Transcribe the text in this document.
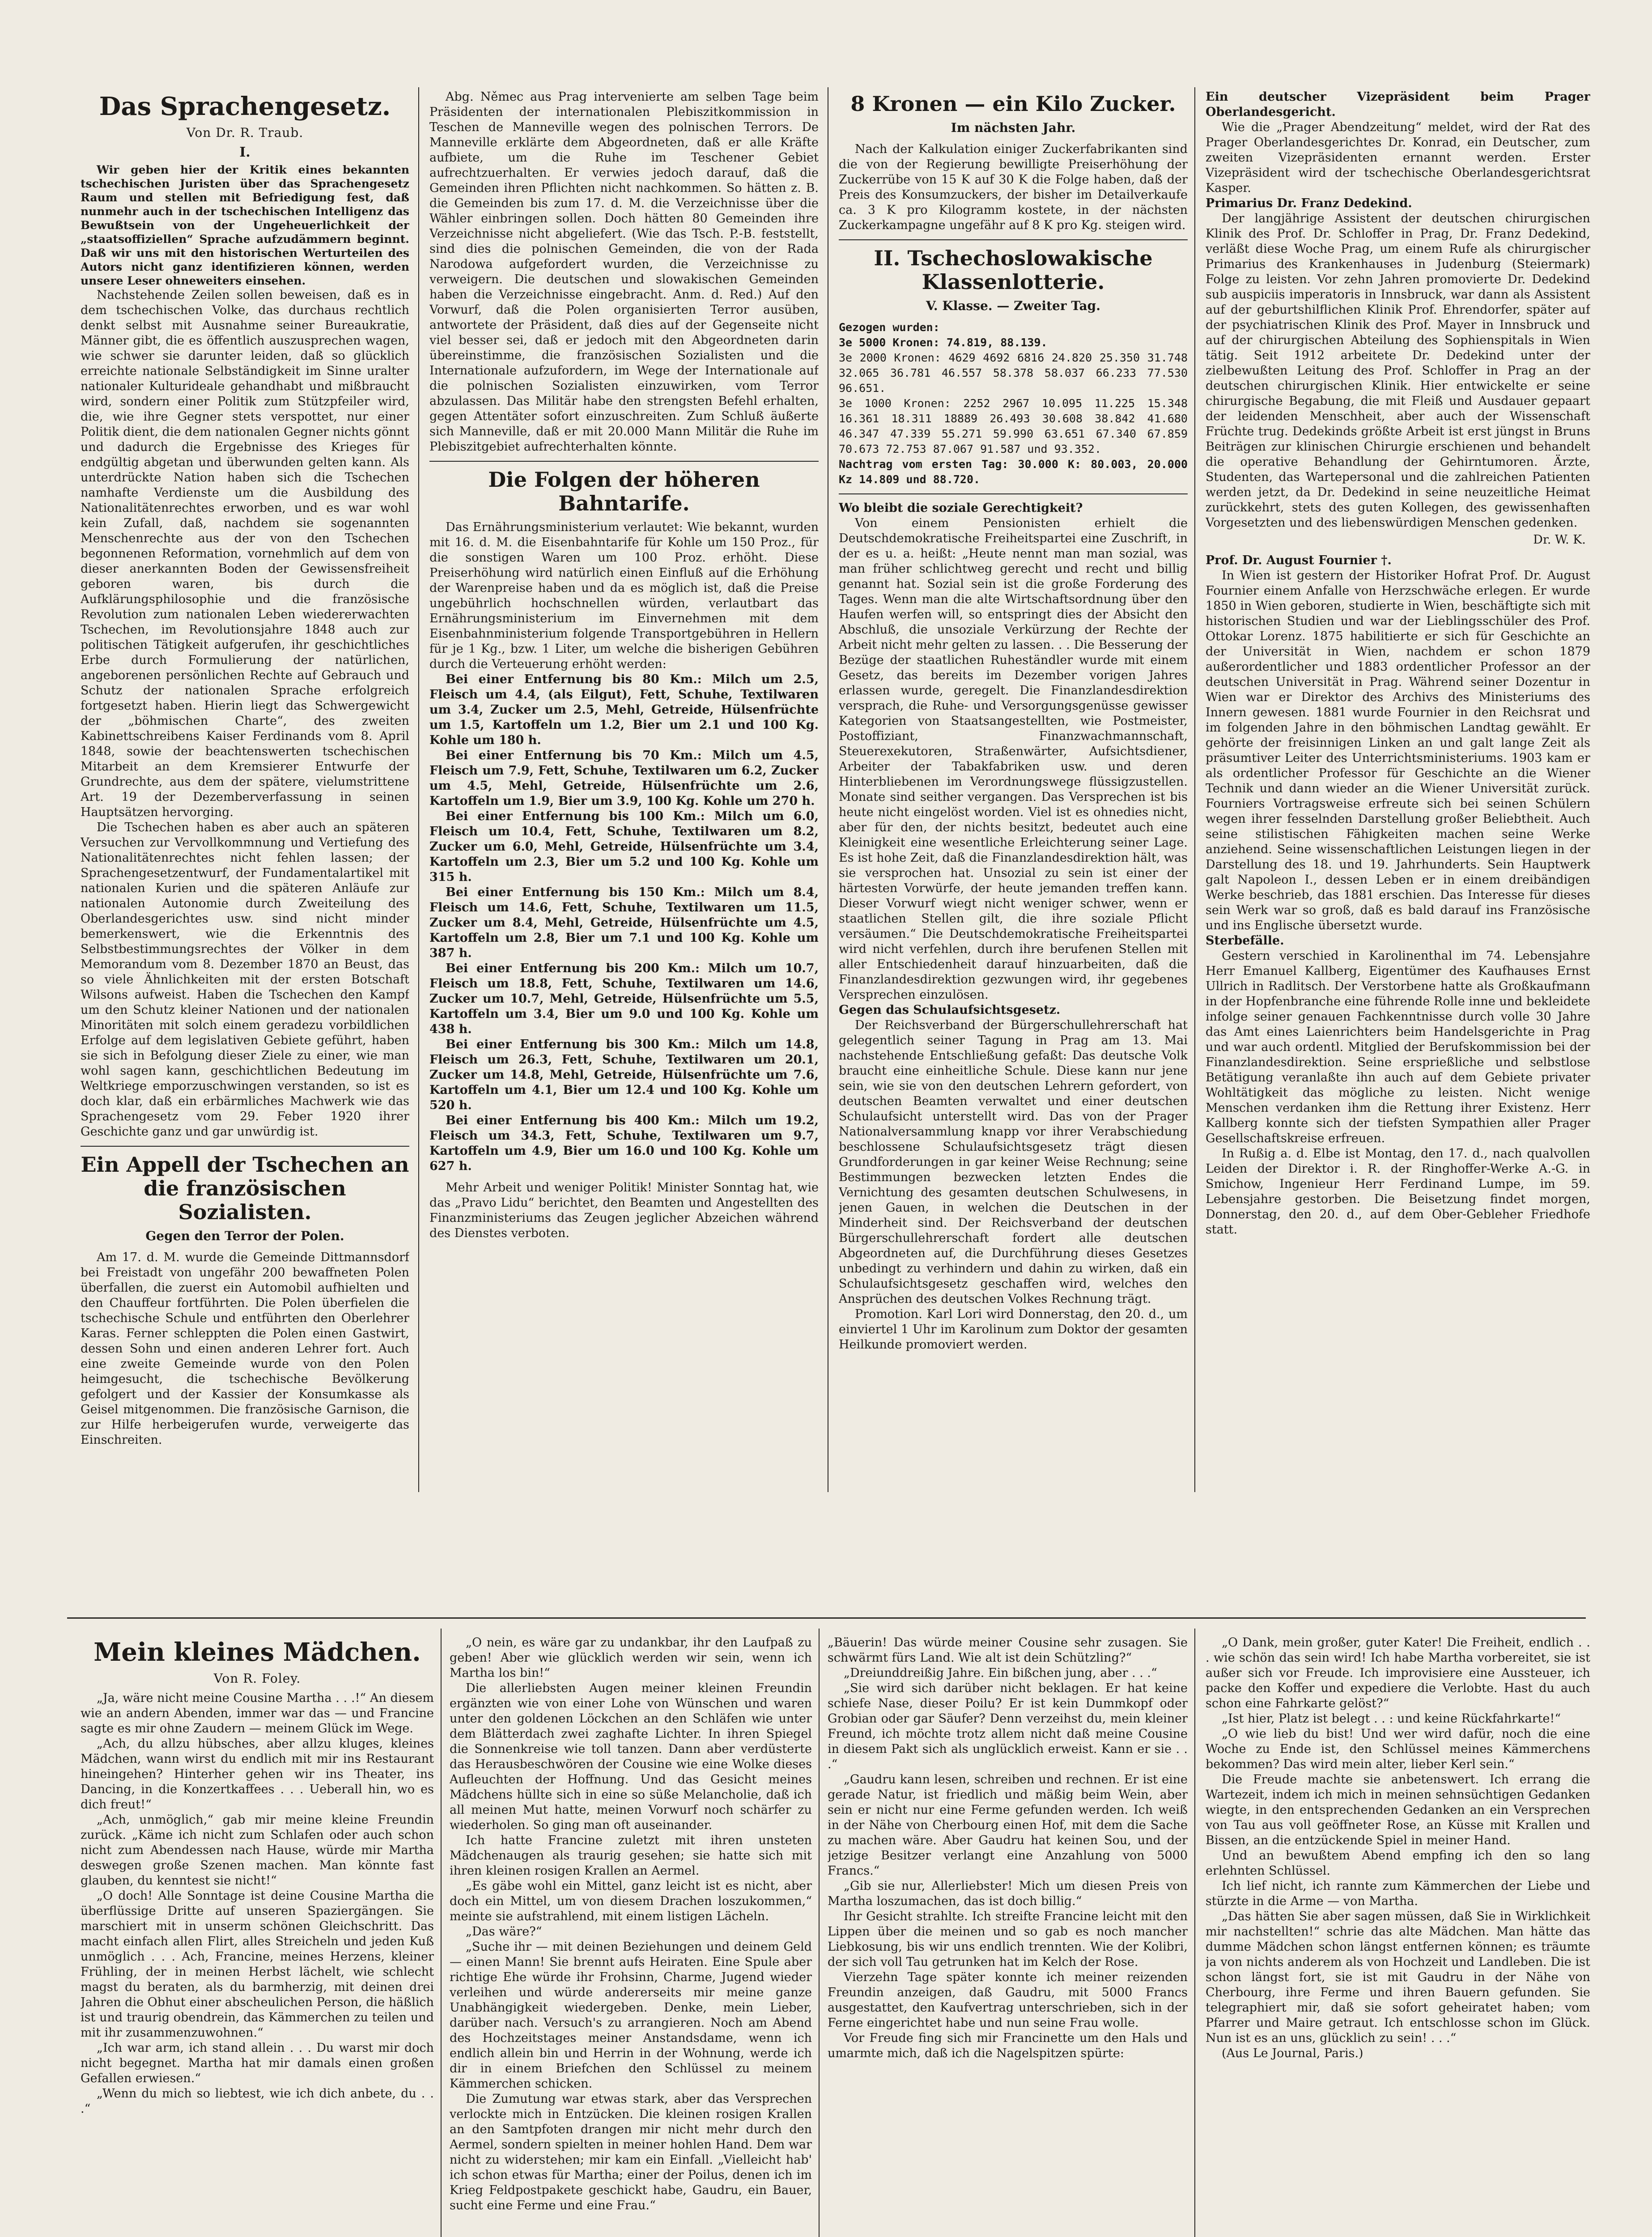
Das Sprachengesetz.
Von Dr. R. Traub.
I.

Wir geben hier der Kritik eines bekannten tschechischen Juristen über das Sprachengesetz Raum und stellen mit Befriedigung fest, daß nunmehr auch in der tschechischen Intelligenz das Bewußtsein von der Ungeheuerlichkeit der „staatsoffiziellen“ Sprache aufzudämmern beginnt. Daß wir uns mit den historischen Werturteilen des Autors nicht ganz identifizieren können, werden unsere Leser ohneweiters einsehen.

Nachstehende Zeilen sollen beweisen, daß es in dem tschechischen Volke, das durchaus rechtlich denkt selbst mit Ausnahme seiner Bureaukratie, Männer gibt, die es öffentlich auszusprechen wagen, wie schwer sie darunter leiden, daß so glücklich erreichte nationale Selbständigkeit im Sinne uralter nationaler Kulturideale gehandhabt und mißbraucht wird, sondern einer Politik zum Stützpfeiler wird, die, wie ihre Gegner stets verspottet, nur einer Politik dient, die dem nationalen Gegner nichts gönnt und dadurch die Ergebnisse des Krieges für endgültig abgetan und überwunden gelten kann. Als unterdrückte Nation haben sich die Tschechen namhafte Verdienste um die Ausbildung des Nationalitätenrechtes erworben, und es war wohl kein Zufall, daß, nachdem sie sogenannten Menschenrechte aus der von den Tschechen begonnenen Reformation, vornehmlich auf dem von dieser anerkannten Boden der Gewissensfreiheit geboren waren, bis durch die Aufklärungsphilosophie und die französische Revolution zum nationalen Leben wiedererwachten Tschechen, im Revolutionsjahre 1848 auch zur politischen Tätigkeit aufgerufen, ihr geschichtliches Erbe durch Formulierung der natürlichen, angeborenen persönlichen Rechte auf Gebrauch und Schutz der nationalen Sprache erfolgreich fortgesetzt haben. Hierin liegt das Schwergewicht der „böhmischen Charte“, des zweiten Kabinettschreibens Kaiser Ferdinands vom 8. April 1848, sowie der beachtenswerten tschechischen Mitarbeit an dem Kremsierer Entwurfe der Grundrechte, aus dem der spätere, vielumstrittene Art. 19 der Dezemberverfassung in seinen Hauptsätzen hervorging.

Die Tschechen haben es aber auch an späteren Versuchen zur Vervollkommnung und Vertiefung des Nationalitätenrechtes nicht fehlen lassen; der Sprachengesetzentwurf, der Fundamentalartikel mit nationalen Kurien und die späteren Anläufe zur nationalen Autonomie durch Zweiteilung des Oberlandesgerichtes usw. sind nicht minder bemerkenswert, wie die Erkenntnis des Selbstbestimmungsrechtes der Völker in dem Memorandum vom 8. Dezember 1870 an Beust, das so viele Ähnlichkeiten mit der ersten Botschaft Wilsons aufweist. Haben die Tschechen den Kampf um den Schutz kleiner Nationen und der nationalen Minoritäten mit solch einem geradezu vorbildlichen Erfolge auf dem legislativen Gebiete geführt, haben sie sich in Befolgung dieser Ziele zu einer, wie man wohl sagen kann, geschichtlichen Bedeutung im Weltkriege emporzuschwingen verstanden, so ist es doch klar, daß ein erbärmliches Machwerk wie das Sprachengesetz vom 29. Feber 1920 ihrer Geschichte ganz und gar unwürdig ist.

Ein Appell der Tschechen an die französischen Sozialisten.
Gegen den Terror der Polen.

Am 17. d. M. wurde die Gemeinde Dittmannsdorf bei Freistadt von ungefähr 200 bewaffneten Polen überfallen, die zuerst ein Automobil aufhielten und den Chauffeur fortführten. Die Polen überfielen die tschechische Schule und entführten den Oberlehrer Karas. Ferner schleppten die Polen einen Gastwirt, dessen Sohn und einen anderen Lehrer fort. Auch eine zweite Gemeinde wurde von den Polen heimgesucht, die tschechische Bevölkerung gefolgert und der Kassier der Konsumkasse als Geisel mitgenommen. Die französische Garnison, die zur Hilfe herbeigerufen wurde, verweigerte das Einschreiten.

Abg. Němec aus Prag intervenierte am selben Tage beim Präsidenten der internationalen Plebiszitkommission in Teschen de Manneville wegen des polnischen Terrors. De Manneville erklärte dem Abgeordneten, daß er alle Kräfte aufbiete, um die Ruhe im Teschener Gebiet aufrechtzuerhalten. Er verwies jedoch darauf, daß die Gemeinden ihren Pflichten nicht nachkommen. So hätten z. B. die Gemeinden bis zum 17. d. M. die Verzeichnisse über die Wähler einbringen sollen. Doch hätten 80 Gemeinden ihre Verzeichnisse nicht abgeliefert. (Wie das Tsch. P.-B. feststellt, sind dies die polnischen Gemeinden, die von der Rada Narodowa aufgefordert wurden, die Verzeichnisse zu verweigern. Die deutschen und slowakischen Gemeinden haben die Verzeichnisse eingebracht. Anm. d. Red.) Auf den Vorwurf, daß die Polen organisierten Terror ausüben, antwortete der Präsident, daß dies auf der Gegenseite nicht viel besser sei, daß er jedoch mit den Abgeordneten darin übereinstimme, die französischen Sozialisten und die Internationale aufzufordern, im Wege der Internationale auf die polnischen Sozialisten einzuwirken, vom Terror abzulassen. Das Militär habe den strengsten Befehl erhalten, gegen Attentäter sofort einzuschreiten. Zum Schluß äußerte sich Manneville, daß er mit 20.000 Mann Militär die Ruhe im Plebiszitgebiet aufrechterhalten könnte.

Die Folgen der höheren Bahntarife.

Das Ernährungsministerium verlautet: Wie bekannt, wurden mit 16. d. M. die Eisenbahntarife für Kohle um 150 Proz., für die sonstigen Waren um 100 Proz. erhöht. Diese Preiserhöhung wird natürlich einen Einfluß auf die Erhöhung der Warenpreise haben und da es möglich ist, daß die Preise ungebührlich hochschnellen würden, verlautbart das Ernährungsministerium im Einvernehmen mit dem Eisenbahnministerium folgende Transportgebühren in Hellern für je 1 Kg., bzw. 1 Liter, um welche die bisherigen Gebühren durch die Verteuerung erhöht werden:

Bei einer Entfernung bis 80 Km.: Milch um 2.5, Fleisch um 4.4, (als Eilgut), Fett, Schuhe, Textilwaren um 3.4, Zucker um 2.5, Mehl, Getreide, Hülsenfrüchte um 1.5, Kartoffeln um 1.2, Bier um 2.1 und 100 Kg. Kohle um 180 h.

Bei einer Entfernung bis 70 Km.: Milch um 4.5, Fleisch um 7.9, Fett, Schuhe, Textilwaren um 6.2, Zucker um 4.5, Mehl, Getreide, Hülsenfrüchte um 2.6, Kartoffeln um 1.9, Bier um 3.9, 100 Kg. Kohle um 270 h.

Bei einer Entfernung bis 100 Km.: Milch um 6.0, Fleisch um 10.4, Fett, Schuhe, Textilwaren um 8.2, Zucker um 6.0, Mehl, Getreide, Hülsenfrüchte um 3.4, Kartoffeln um 2.3, Bier um 5.2 und 100 Kg. Kohle um 315 h.

Bei einer Entfernung bis 150 Km.: Milch um 8.4, Fleisch um 14.6, Fett, Schuhe, Textilwaren um 11.5, Zucker um 8.4, Mehl, Getreide, Hülsenfrüchte um 4.5, Kartoffeln um 2.8, Bier um 7.1 und 100 Kg. Kohle um 387 h.

Bei einer Entfernung bis 200 Km.: Milch um 10.7, Fleisch um 18.8, Fett, Schuhe, Textilwaren um 14.6, Zucker um 10.7, Mehl, Getreide, Hülsenfrüchte um 5.5, Kartoffeln um 3.4, Bier um 9.0 und 100 Kg. Kohle um 438 h.

Bei einer Entfernung bis 300 Km.: Milch um 14.8, Fleisch um 26.3, Fett, Schuhe, Textilwaren um 20.1, Zucker um 14.8, Mehl, Getreide, Hülsenfrüchte um 7.6, Kartoffeln um 4.1, Bier um 12.4 und 100 Kg. Kohle um 520 h.

Bei einer Entfernung bis 400 Km.: Milch um 19.2, Fleisch um 34.3, Fett, Schuhe, Textilwaren um 9.7, Kartoffeln um 4.9, Bier um 16.0 und 100 Kg. Kohle um 627 h.

Mehr Arbeit und weniger Politik! Minister Sonntag hat, wie das „Pravo Lidu“ berichtet, den Beamten und Angestellten des Finanzministeriums das Zeugen jeglicher Abzeichen während des Dienstes verboten.

8 Kronen — ein Kilo Zucker.
Im nächsten Jahr.

Nach der Kalkulation einiger Zuckerfabrikanten sind die von der Regierung bewilligte Preiserhöhung der Zuckerrübe von 15 K auf 30 K die Folge haben, daß der Preis des Konsumzuckers, der bisher im Detailverkaufe ca. 3 K pro Kilogramm kostete, in der nächsten Zuckerkampagne ungefähr auf 8 K pro Kg. steigen wird.

II. Tschechoslowakische Klassenlotterie.
V. Klasse. — Zweiter Tag.
Gezogen wurden:
3e 5000 Kronen: 74.819, 88.139.
3e 2000 Kronen: 4629 4692 6816 24.820 25.350 31.748 32.065 36.781 46.557 58.378 58.037 66.233 77.530 96.651.
3e 1000 Kronen: 2252 2967 10.095 11.225 15.348 16.361 18.311 18889 26.493 30.608 38.842 41.680 46.347 47.339 55.271 59.990 63.651 67.340 67.859 70.673 72.753 87.067 91.587 und 93.352.
Nachtrag vom ersten Tag: 30.000 K: 80.003, 20.000 Kz 14.809 und 88.720.

Wo bleibt die soziale Gerechtigkeit?

Von einem Pensionisten erhielt die Deutschdemokratische Freiheitspartei eine Zuschrift, in der es u. a. heißt: „Heute nennt man man sozial, was man früher schlichtweg gerecht und recht und billig genannt hat. Sozial sein ist die große Forderung des Tages. Wenn man die alte Wirtschaftsordnung über den Haufen werfen will, so entspringt dies der Absicht den Abschluß, die unsoziale Verkürzung der Rechte der Arbeit nicht mehr gelten zu lassen. . . Die Besserung der Bezüge der staatlichen Ruheständler wurde mit einem Gesetz, das bereits im Dezember vorigen Jahres erlassen wurde, geregelt. Die Finanzlandesdirektion versprach, die Ruhe- und Versorgungsgenüsse gewisser Kategorien von Staatsangestellten, wie Postmeister, Postoffiziant, Finanzwachmannschaft, Steuerexekutoren, Straßenwärter, Aufsichtsdiener, Arbeiter der Tabakfabriken usw. und deren Hinterbliebenen im Verordnungswege flüssigzustellen. Monate sind seither vergangen. Das Versprechen ist bis heute nicht eingelöst worden. Viel ist es ohnedies nicht, aber für den, der nichts besitzt, bedeutet auch eine Kleinigkeit eine wesentliche Erleichterung seiner Lage. Es ist hohe Zeit, daß die Finanzlandesdirektion hält, was sie versprochen hat. Unsozial zu sein ist einer der härtesten Vorwürfe, der heute jemanden treffen kann. Dieser Vorwurf wiegt nicht weniger schwer, wenn er staatlichen Stellen gilt, die ihre soziale Pflicht versäumen.“ Die Deutschdemokratische Freiheitspartei wird nicht verfehlen, durch ihre berufenen Stellen mit aller Entschiedenheit darauf hinzuarbeiten, daß die Finanzlandesdirektion gezwungen wird, ihr gegebenes Versprechen einzulösen.

Gegen das Schulaufsichtsgesetz.

Der Reichsverband der Bürgerschullehrerschaft hat gelegentlich seiner Tagung in Prag am 13. Mai nachstehende Entschließung gefaßt: Das deutsche Volk braucht eine einheitliche Schule. Diese kann nur jene sein, wie sie von den deutschen Lehrern gefordert, von deutschen Beamten verwaltet und einer deutschen Schulaufsicht unterstellt wird. Das von der Prager Nationalversammlung knapp vor ihrer Verabschiedung beschlossene Schulaufsichtsgesetz trägt diesen Grundforderungen in gar keiner Weise Rechnung; seine Bestimmungen bezwecken letzten Endes die Vernichtung des gesamten deutschen Schulwesens, in jenen Gauen, in welchen die Deutschen in der Minderheit sind. Der Reichsverband der deutschen Bürgerschullehrerschaft fordert alle deutschen Abgeordneten auf, die Durchführung dieses Gesetzes unbedingt zu verhindern und dahin zu wirken, daß ein Schulaufsichtsgesetz geschaffen wird, welches den Ansprüchen des deutschen Volkes Rechnung trägt.

Promotion. Karl Lori wird Donnerstag, den 20. d., um einviertel 1 Uhr im Karolinum zum Doktor der gesamten Heilkunde promoviert werden.

Ein deutscher Vizepräsident beim Prager Oberlandesgericht.

Wie die „Prager Abendzeitung“ meldet, wird der Rat des Prager Oberlandesgerichtes Dr. Konrad, ein Deutscher, zum zweiten Vizepräsidenten ernannt werden. Erster Vizepräsident wird der tschechische Oberlandesgerichtsrat Kasper.

Primarius Dr. Franz Dedekind.

Der langjährige Assistent der deutschen chirurgischen Klinik des Prof. Dr. Schloffer in Prag, Dr. Franz Dedekind, verläßt diese Woche Prag, um einem Rufe als chirurgischer Primarius des Krankenhauses in Judenburg (Steiermark) Folge zu leisten. Vor zehn Jahren promovierte Dr. Dedekind sub auspiciis imperatoris in Innsbruck, war dann als Assistent auf der geburtshilflichen Klinik Prof. Ehrendorfer, später auf der psychiatrischen Klinik des Prof. Mayer in Innsbruck und auf der chirurgischen Abteilung des Sophienspitals in Wien tätig. Seit 1912 arbeitete Dr. Dedekind unter der zielbewußten Leitung des Prof. Schloffer in Prag an der deutschen chirurgischen Klinik. Hier entwickelte er seine chirurgische Begabung, die mit Fleiß und Ausdauer gepaart der leidenden Menschheit, aber auch der Wissenschaft Früchte trug. Dedekinds größte Arbeit ist erst jüngst in Bruns Beiträgen zur klinischen Chirurgie erschienen und behandelt die operative Behandlung der Gehirntumoren. Ärzte, Studenten, das Wartepersonal und die zahlreichen Patienten werden jetzt, da Dr. Dedekind in seine neuzeitliche Heimat zurückkehrt, stets des guten Kollegen, des gewissenhaften Vorgesetzten und des liebenswürdigen Menschen gedenken.

Dr. W. K.

Prof. Dr. August Fournier †.

In Wien ist gestern der Historiker Hofrat Prof. Dr. August Fournier einem Anfalle von Herzschwäche erlegen. Er wurde 1850 in Wien geboren, studierte in Wien, beschäftigte sich mit historischen Studien und war der Lieblingsschüler des Prof. Ottokar Lorenz. 1875 habilitierte er sich für Geschichte an der Universität in Wien, nachdem er schon 1879 außerordentlicher und 1883 ordentlicher Professor an der deutschen Universität in Prag. Während seiner Dozentur in Wien war er Direktor des Archivs des Ministeriums des Innern gewesen. 1881 wurde Fournier in den Reichsrat und im folgenden Jahre in den böhmischen Landtag gewählt. Er gehörte der freisinnigen Linken an und galt lange Zeit als präsumtiver Leiter des Unterrichtsministeriums. 1903 kam er als ordentlicher Professor für Geschichte an die Wiener Technik und dann wieder an die Wiener Universität zurück. Fourniers Vortragsweise erfreute sich bei seinen Schülern wegen ihrer fesselnden Darstellung großer Beliebtheit. Auch seine stilistischen Fähigkeiten machen seine Werke anziehend. Seine wissenschaftlichen Leistungen liegen in der Darstellung des 18. und 19. Jahrhunderts. Sein Hauptwerk galt Napoleon I., dessen Leben er in einem dreibändigen Werke beschrieb, das 1881 erschien. Das Interesse für dieses sein Werk war so groß, daß es bald darauf ins Französische und ins Englische übersetzt wurde.

Sterbefälle.

Gestern verschied in Karolinenthal im 74. Lebensjahre Herr Emanuel Kallberg, Eigentümer des Kaufhauses Ernst Ullrich in Radlitsch. Der Verstorbene hatte als Großkaufmann in der Hopfenbranche eine führende Rolle inne und bekleidete infolge seiner genauen Fachkenntnisse durch volle 30 Jahre das Amt eines Laienrichters beim Handelsgerichte in Prag und war auch ordentl. Mitglied der Berufskommission bei der Finanzlandesdirektion. Seine ersprießliche und selbstlose Betätigung veranlaßte ihn auch auf dem Gebiete privater Wohltätigkeit das mögliche zu leisten. Nicht wenige Menschen verdanken ihm die Rettung ihrer Existenz. Herr Kallberg konnte sich der tiefsten Sympathien aller Prager Gesellschaftskreise erfreuen.

In Rußig a. d. Elbe ist Montag, den 17. d., nach qualvollen Leiden der Direktor i. R. der Ringhoffer-Werke A.-G. in Smichow, Ingenieur Herr Ferdinand Lumpe, im 59. Lebensjahre gestorben. Die Beisetzung findet morgen, Donnerstag, den 20. d., auf dem Ober-Gebleher Friedhofe statt.

Mein kleines Mädchen.
Von R. Foley.

„Ja, wäre nicht meine Cousine Martha . . .!“ An diesem wie an andern Abenden, immer war das — und Francine sagte es mir ohne Zaudern — meinem Glück im Wege.

„Ach, du allzu hübsches, aber allzu kluges, kleines Mädchen, wann wirst du endlich mit mir ins Restaurant hineingehen? Hinterher gehen wir ins Theater, ins Dancing, in die Konzertkaffees . . . Ueberall hin, wo es dich freut!“

„Ach, unmöglich,“ gab mir meine kleine Freundin zurück. „Käme ich nicht zum Schlafen oder auch schon nicht zum Abendessen nach Hause, würde mir Martha deswegen große Szenen machen. Man könnte fast glauben, du kenntest sie nicht!“

„O doch! Alle Sonntage ist deine Cousine Martha die überflüssige Dritte auf unseren Spaziergängen. Sie marschiert mit in unserm schönen Gleichschritt. Das macht einfach allen Flirt, alles Streicheln und jeden Kuß unmöglich . . . Ach, Francine, meines Herzens, kleiner Frühling, der in meinen Herbst lächelt, wie schlecht magst du beraten, als du barmherzig, mit deinen drei Jahren die Obhut einer abscheulichen Person, die häßlich ist und traurig obendrein, das Kämmerchen zu teilen und mit ihr zusammenzuwohnen.“

„Ich war arm, ich stand allein . . . Du warst mir doch nicht begegnet. Martha hat mir damals einen großen Gefallen erwiesen.“

„Wenn du mich so liebtest, wie ich dich anbete, du . . .“

„O nein, es wäre gar zu undankbar, ihr den Laufpaß zu geben! Aber wie glücklich werden wir sein, wenn ich Martha los bin!“

Die allerliebsten Augen meiner kleinen Freundin ergänzten wie von einer Lohe von Wünschen und waren unter den goldenen Löckchen an den Schläfen wie unter dem Blätterdach zwei zaghafte Lichter. In ihren Spiegel die Sonnenkreise wie toll tanzen. Dann aber verdüsterte das Herausbeschwören der Cousine wie eine Wolke dieses Aufleuchten der Hoffnung. Und das Gesicht meines Mädchens hüllte sich in eine so süße Melancholie, daß ich all meinen Mut hatte, meinen Vorwurf noch schärfer zu wiederholen. So ging man oft auseinander.

Ich hatte Francine zuletzt mit ihren unsteten Mädchenaugen als traurig gesehen; sie hatte sich mit ihren kleinen rosigen Krallen an Aermel.

„Es gäbe wohl ein Mittel, ganz leicht ist es nicht, aber doch ein Mittel, um von diesem Drachen loszukommen,“ meinte sie aufstrahlend, mit einem listigen Lächeln.

„Das wäre?“

„Suche ihr — mit deinen Beziehungen und deinem Geld — einen Mann! Sie brennt aufs Heiraten. Eine Spule aber richtige Ehe würde ihr Frohsinn, Charme, Jugend wieder verleihen und würde andererseits mir meine ganze Unabhängigkeit wiedergeben. Denke, mein Lieber, darüber nach. Versuch's zu arrangieren. Noch am Abend des Hochzeitstages meiner Anstandsdame, wenn ich endlich allein bin und Herrin in der Wohnung, werde ich dir in einem Briefchen den Schlüssel zu meinem Kämmerchen schicken.

Die Zumutung war etwas stark, aber das Versprechen verlockte mich in Entzücken. Die kleinen rosigen Krallen an den Samtpfoten drangen mir nicht mehr durch den Aermel, sondern spielten in meiner hohlen Hand. Dem war nicht zu widerstehen; mir kam ein Einfall. „Vielleicht hab' ich schon etwas für Martha; einer der Poilus, denen ich im Krieg Feldpostpakete geschickt habe, Gaudru, ein Bauer, sucht eine Ferme und eine Frau.“

„Bäuerin! Das würde meiner Cousine sehr zusagen. Sie schwärmt fürs Land. Wie alt ist dein Schützling?“

„Dreiunddreißig Jahre. Ein bißchen jung, aber . . .“

„Sie wird sich darüber nicht beklagen. Er hat keine schiefe Nase, dieser Poilu? Er ist kein Dummkopf oder Grobian oder gar Säufer? Denn verzeihst du, mein kleiner Freund, ich möchte trotz allem nicht daß meine Cousine in diesem Pakt sich als unglücklich erweist. Kann er sie . . .“

„Gaudru kann lesen, schreiben und rechnen. Er ist eine gerade Natur, ist friedlich und mäßig beim Wein, aber sein er nicht nur eine Ferme gefunden werden. Ich weiß in der Nähe von Cherbourg einen Hof, mit dem die Sache zu machen wäre. Aber Gaudru hat keinen Sou, und der jetzige Besitzer verlangt eine Anzahlung von 5000 Francs.“

„Gib sie nur, Allerliebster! Mich um diesen Preis von Martha loszumachen, das ist doch billig.“

Ihr Gesicht strahlte. Ich streifte Francine leicht mit den Lippen über die meinen und so gab es noch mancher Liebkosung, bis wir uns endlich trennten. Wie der Kolibri, der sich voll Tau getrunken hat im Kelch der Rose.

Vierzehn Tage später konnte ich meiner reizenden Freundin anzeigen, daß Gaudru, mit 5000 Francs ausgestattet, den Kaufvertrag unterschrieben, sich in der Ferne eingerichtet habe und nun seine Frau wolle.

Vor Freude fing sich mir Francinette um den Hals und umarmte mich, daß ich die Nagelspitzen spürte:

„O Dank, mein großer, guter Kater! Die Freiheit, endlich . . . wie schön das sein wird! Ich habe Martha vorbereitet, sie ist außer sich vor Freude. Ich improvisiere eine Aussteuer, ich packe den Koffer und expediere die Verlobte. Hast du auch schon eine Fahrkarte gelöst?“

„Ist hier, Platz ist belegt . . : und keine Rückfahrkarte!“

„O wie lieb du bist! Und wer wird dafür, noch die eine Woche zu Ende ist, den Schlüssel meines Kämmerchens bekommen? Das wird mein alter, lieber Kerl sein.“

Die Freude machte sie anbetenswert. Ich errang die Wartezeit, indem ich mich in meinen sehnsüchtigen Gedanken wiegte, in den entsprechenden Gedanken an ein Versprechen von Tau aus voll geöffneter Rose, an Küsse mit Krallen und Bissen, an die entzückende Spiel in meiner Hand.

Und an bewußtem Abend empfing ich den so lang erlehnten Schlüssel.

Ich lief nicht, ich rannte zum Kämmerchen der Liebe und stürzte in die Arme — von Martha.

„Das hätten Sie aber sagen müssen, daß Sie in Wirklichkeit mir nachstellten!“ schrie das alte Mädchen. Man hätte das dumme Mädchen schon längst entfernen können; es träumte ja von nichts anderem als von Hochzeit und Landleben. Die ist schon längst fort, sie ist mit Gaudru in der Nähe von Cherbourg, ihre Ferme und ihren Bauern gefunden. Sie telegraphiert mir, daß sie sofort geheiratet haben; vom Pfarrer und Maire getraut. Ich entschlosse schon im Glück. Nun ist es an uns, glücklich zu sein! . . .“

(Aus Le Journal, Paris.)
